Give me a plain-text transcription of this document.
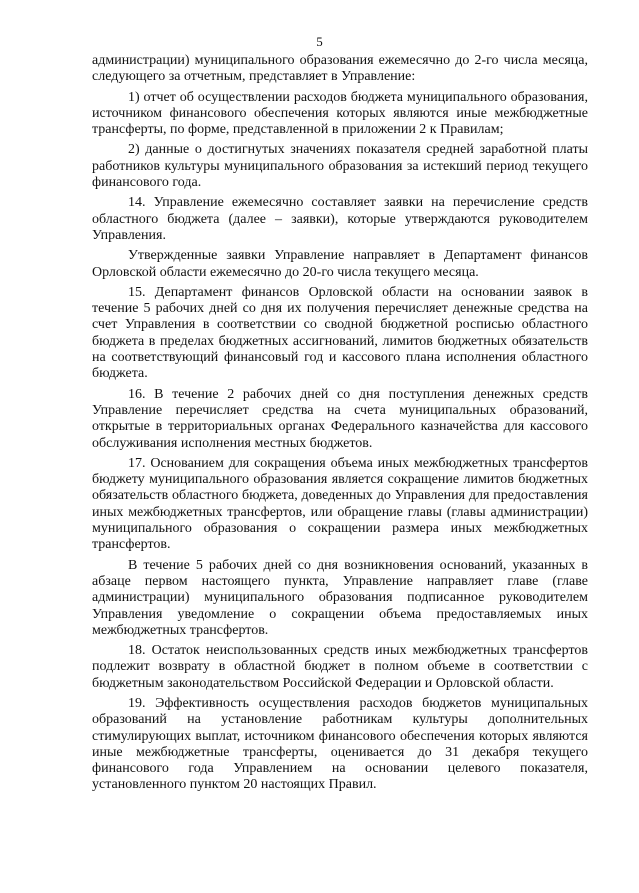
5

администрации) муниципального образования ежемесячно до 2-го числа месяца, следующего за отчетным, представляет в Управление:

1) отчет об осуществлении расходов бюджета муниципального образования, источником финансового обеспечения которых являются иные межбюджетные трансферты, по форме, представленной в приложении 2 к Правилам;

2) данные о достигнутых значениях показателя средней заработной платы работников культуры муниципального образования за истекший период текущего финансового года.

14. Управление ежемесячно составляет заявки на перечисление средств областного бюджета (далее – заявки), которые утверждаются руководителем Управления.

Утвержденные заявки Управление направляет в Департамент финансов Орловской области ежемесячно до 20-го числа текущего месяца.

15. Департамент финансов Орловской области на основании заявок в течение 5 рабочих дней со дня их получения перечисляет денежные средства на счет Управления в соответствии со сводной бюджетной росписью областного бюджета в пределах бюджетных ассигнований, лимитов бюджетных обязательств на соответствующий финансовый год и кассового плана исполнения областного бюджета.

16. В течение 2 рабочих дней со дня поступления денежных средств Управление перечисляет средства на счета муниципальных образований, открытые в территориальных органах Федерального казначейства для кассового обслуживания исполнения местных бюджетов.

17. Основанием для сокращения объема иных межбюджетных трансфертов бюджету муниципального образования является сокращение лимитов бюджетных обязательств областного бюджета, доведенных до Управления для предоставления иных межбюджетных трансфертов, или обращение главы (главы администрации) муниципального образования о сокращении размера иных межбюджетных трансфертов.

В течение 5 рабочих дней со дня возникновения оснований, указанных в абзаце первом настоящего пункта, Управление направляет главе (главе администрации) муниципального образования подписанное руководителем Управления уведомление о сокращении объема предоставляемых иных межбюджетных трансфертов.

18. Остаток неиспользованных средств иных межбюджетных трансфертов подлежит возврату в областной бюджет в полном объеме в соответствии с бюджетным законодательством Российской Федерации и Орловской области.

19. Эффективность осуществления расходов бюджетов муниципальных образований на установление работникам культуры дополнительных стимулирующих выплат, источником финансового обеспечения которых являются иные межбюджетные трансферты, оценивается до 31 декабря текущего финансового года Управлением на основании целевого показателя, установленного пунктом 20 настоящих Правил.
